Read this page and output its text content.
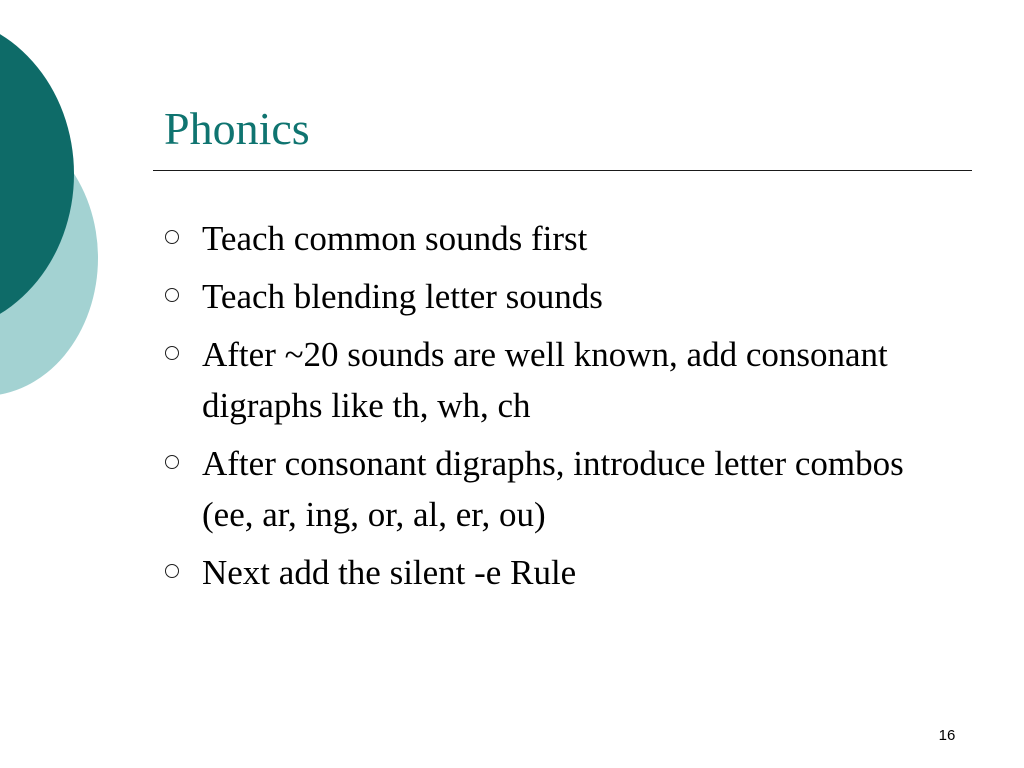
Phonics
Teach common sounds first
Teach blending letter sounds
After ~20 sounds are well known, add consonant digraphs like th, wh, ch
After consonant digraphs, introduce letter combos (ee, ar, ing, or, al, er, ou)
Next add the silent -e Rule
16
